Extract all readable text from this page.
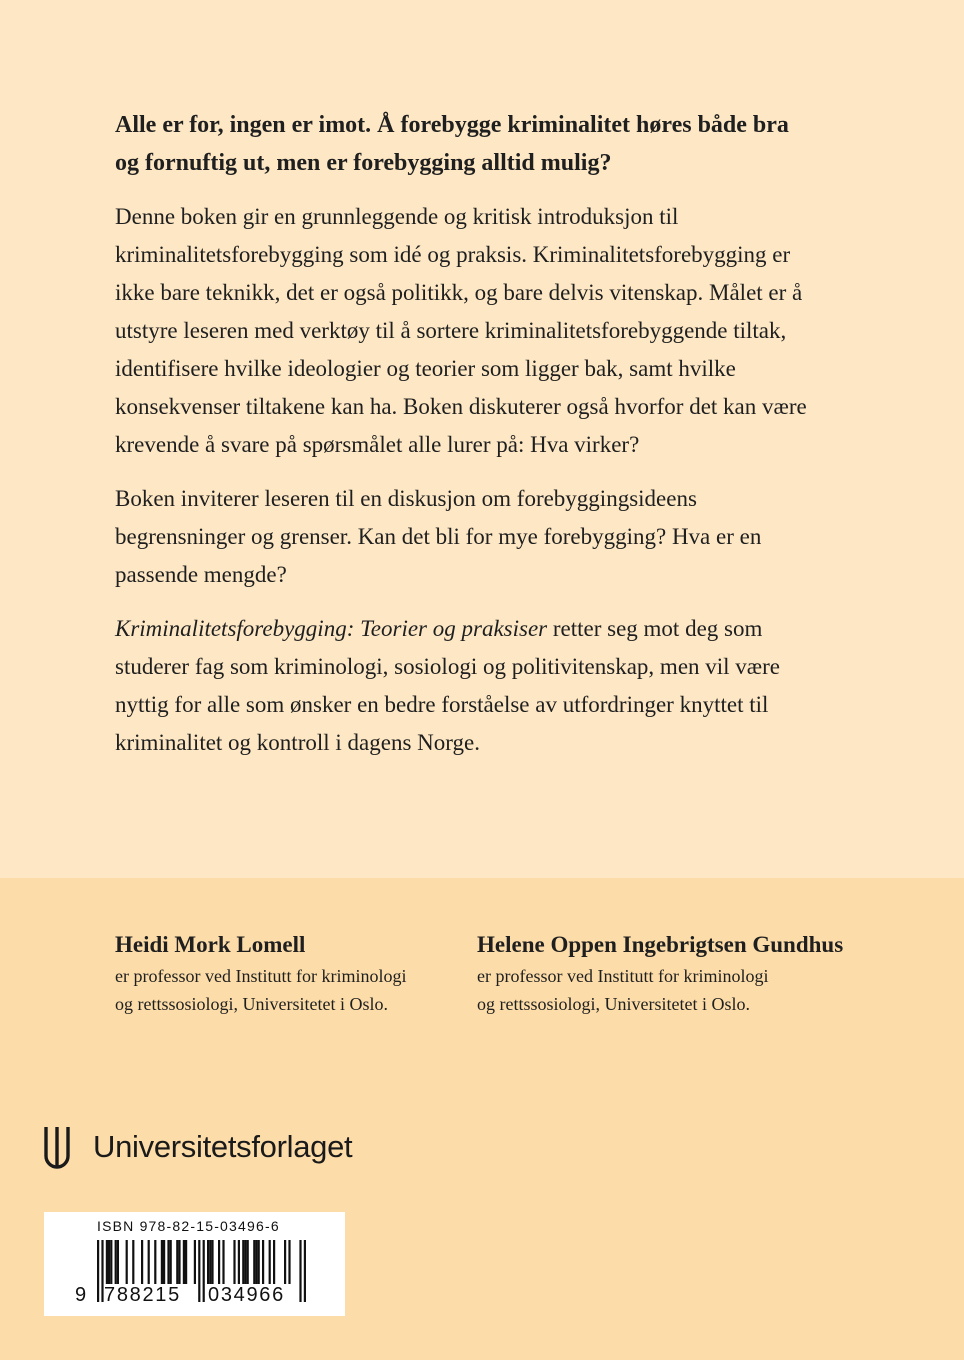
Alle er for, ingen er imot. Å forebygge kriminalitet høres både bra og fornuftig ut, men er forebygging alltid mulig?

Denne boken gir en grunnleggende og kritisk introduksjon til kriminalitetsforebygging som idé og praksis. Kriminalitetsforebygging er ikke bare teknikk, det er også politikk, og bare delvis vitenskap. Målet er å utstyre leseren med verktøy til å sortere kriminalitetsforebyggende tiltak, identifisere hvilke ideologier og teorier som ligger bak, samt hvilke konsekvenser tiltakene kan ha. Boken diskuterer også hvorfor det kan være krevende å svare på spørsmålet alle lurer på: Hva virker?

Boken inviterer leseren til en diskusjon om forebyggingsideens begrensninger og grenser. Kan det bli for mye forebygging? Hva er en passende mengde?

Kriminalitetsforebygging: Teorier og praksiser retter seg mot deg som studerer fag som kriminologi, sosiologi og politivitenskap, men vil være nyttig for alle som ønsker en bedre forståelse av utfordringer knyttet til kriminalitet og kontroll i dagens Norge.

Heidi Mork Lomell
er professor ved Institutt for kriminologi
og rettssosiologi, Universitetet i Oslo.
Helene Oppen Ingebrigtsen Gundhus
er professor ved Institutt for kriminologi
og rettssosiologi, Universitetet i Oslo.
Universitetsforlaget
ISBN 978-82-15-03496-6
9 788215 034966
